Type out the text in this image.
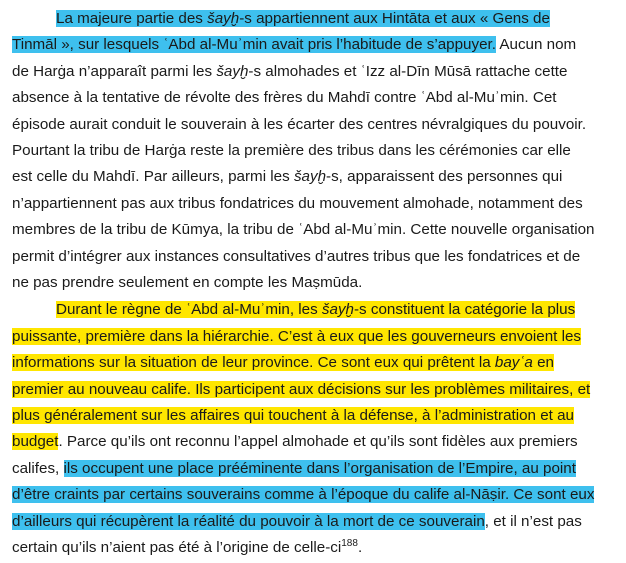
La majeure partie des šayḫ-s appartiennent aux Hintāta et aux « Gens de
Tinmāl », sur lesquels ʿAbd al-Muʾmin avait pris l’habitude de s’appuyer. Aucun nom
de Harġa n’apparaît parmi les šayḫ-s almohades et ʿIzz al-Dīn Mūsā rattache cette
absence à la tentative de révolte des frères du Mahdī contre ʿAbd al-Muʾmin. Cet
épisode aurait conduit le souverain à les écarter des centres névralgiques du pouvoir.
Pourtant la tribu de Harġa reste la première des tribus dans les cérémonies car elle
est celle du Mahdī. Par ailleurs, parmi les šayḫ-s, apparaissent des personnes qui
n’appartiennent pas aux tribus fondatrices du mouvement almohade, notamment des
membres de la tribu de Kūmya, la tribu de ʿAbd al-Muʾmin. Cette nouvelle organisation
permit d’intégrer aux instances consultatives d’autres tribus que les fondatrices et de
ne pas prendre seulement en compte les Maṣmūda.
Durant le règne de ʿAbd al-Muʾmin, les šayḫ-s constituent la catégorie la plus
puissante, première dans la hiérarchie. C’est à eux que les gouverneurs envoient les
informations sur la situation de leur province. Ce sont eux qui prêtent la bayʿa en
premier au nouveau calife. Ils participent aux décisions sur les problèmes militaires, et
plus généralement sur les affaires qui touchent à la défense, à l’administration et au
budget. Parce qu’ils ont reconnu l’appel almohade et qu’ils sont fidèles aux premiers
califes, ils occupent une place prééminente dans l’organisation de l’Empire, au point
d’être craints par certains souverains comme à l’époque du calife al-Nāṣir. Ce sont eux
d’ailleurs qui récupèrent la réalité du pouvoir à la mort de ce souverain, et il n’est pas
certain qu’ils n’aient pas été à l’origine de celle-$ci^{188}$.
